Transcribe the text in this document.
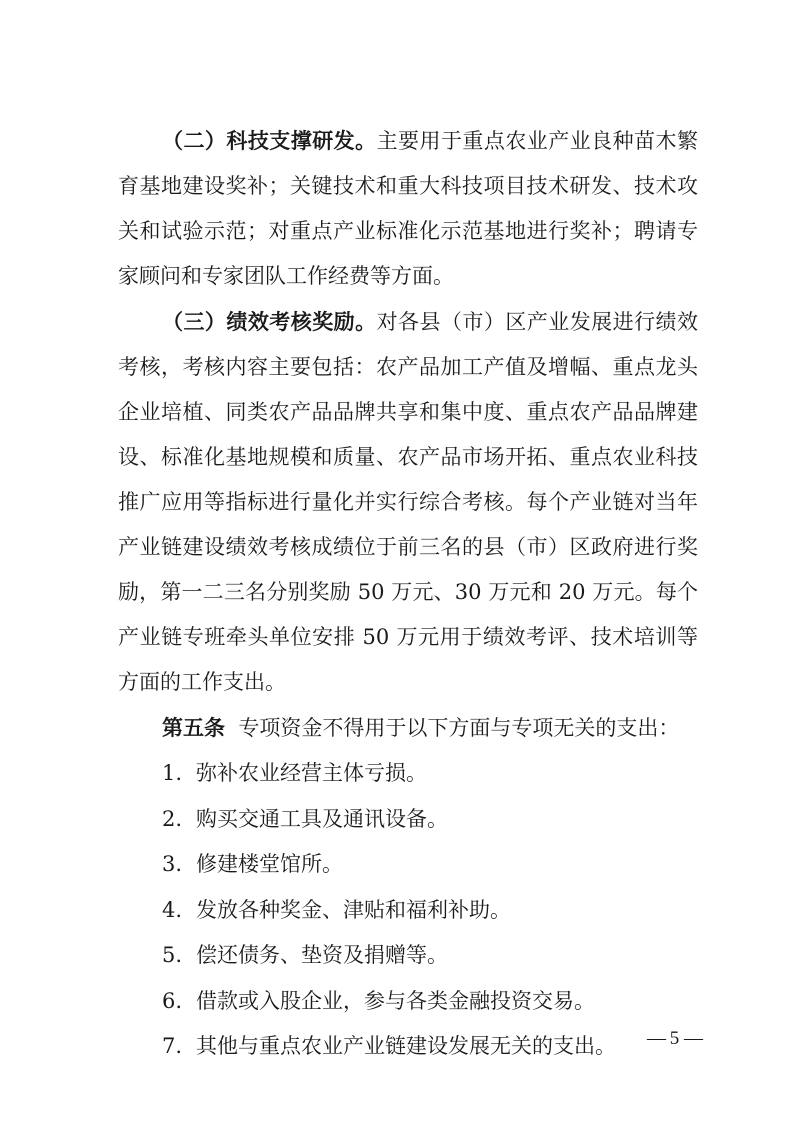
（二）科技支撑研发。主要用于重点农业产业良种苗木繁育基地建设奖补；关键技术和重大科技项目技术研发、技术攻关和试验示范；对重点产业标准化示范基地进行奖补；聘请专家顾问和专家团队工作经费等方面。

（三）绩效考核奖励。对各县（市）区产业发展进行绩效考核，考核内容主要包括：农产品加工产值及增幅、重点龙头企业培植、同类农产品品牌共享和集中度、重点农产品品牌建设、标准化基地规模和质量、农产品市场开拓、重点农业科技推广应用等指标进行量化并实行综合考核。每个产业链对当年产业链建设绩效考核成绩位于前三名的县（市）区政府进行奖励，第一二三名分别奖励 50 万元、30 万元和 20 万元。每个产业链专班牵头单位安排 50 万元用于绩效考评、技术培训等方面的工作支出。

第五条 专项资金不得用于以下方面与专项无关的支出：

1. 弥补农业经营主体亏损。
2. 购买交通工具及通讯设备。
3. 修建楼堂馆所。
4. 发放各种奖金、津贴和福利补助。
5. 偿还债务、垫资及捐赠等。
6. 借款或入股企业，参与各类金融投资交易。
7. 其他与重点农业产业链建设发展无关的支出。	— 5 —
